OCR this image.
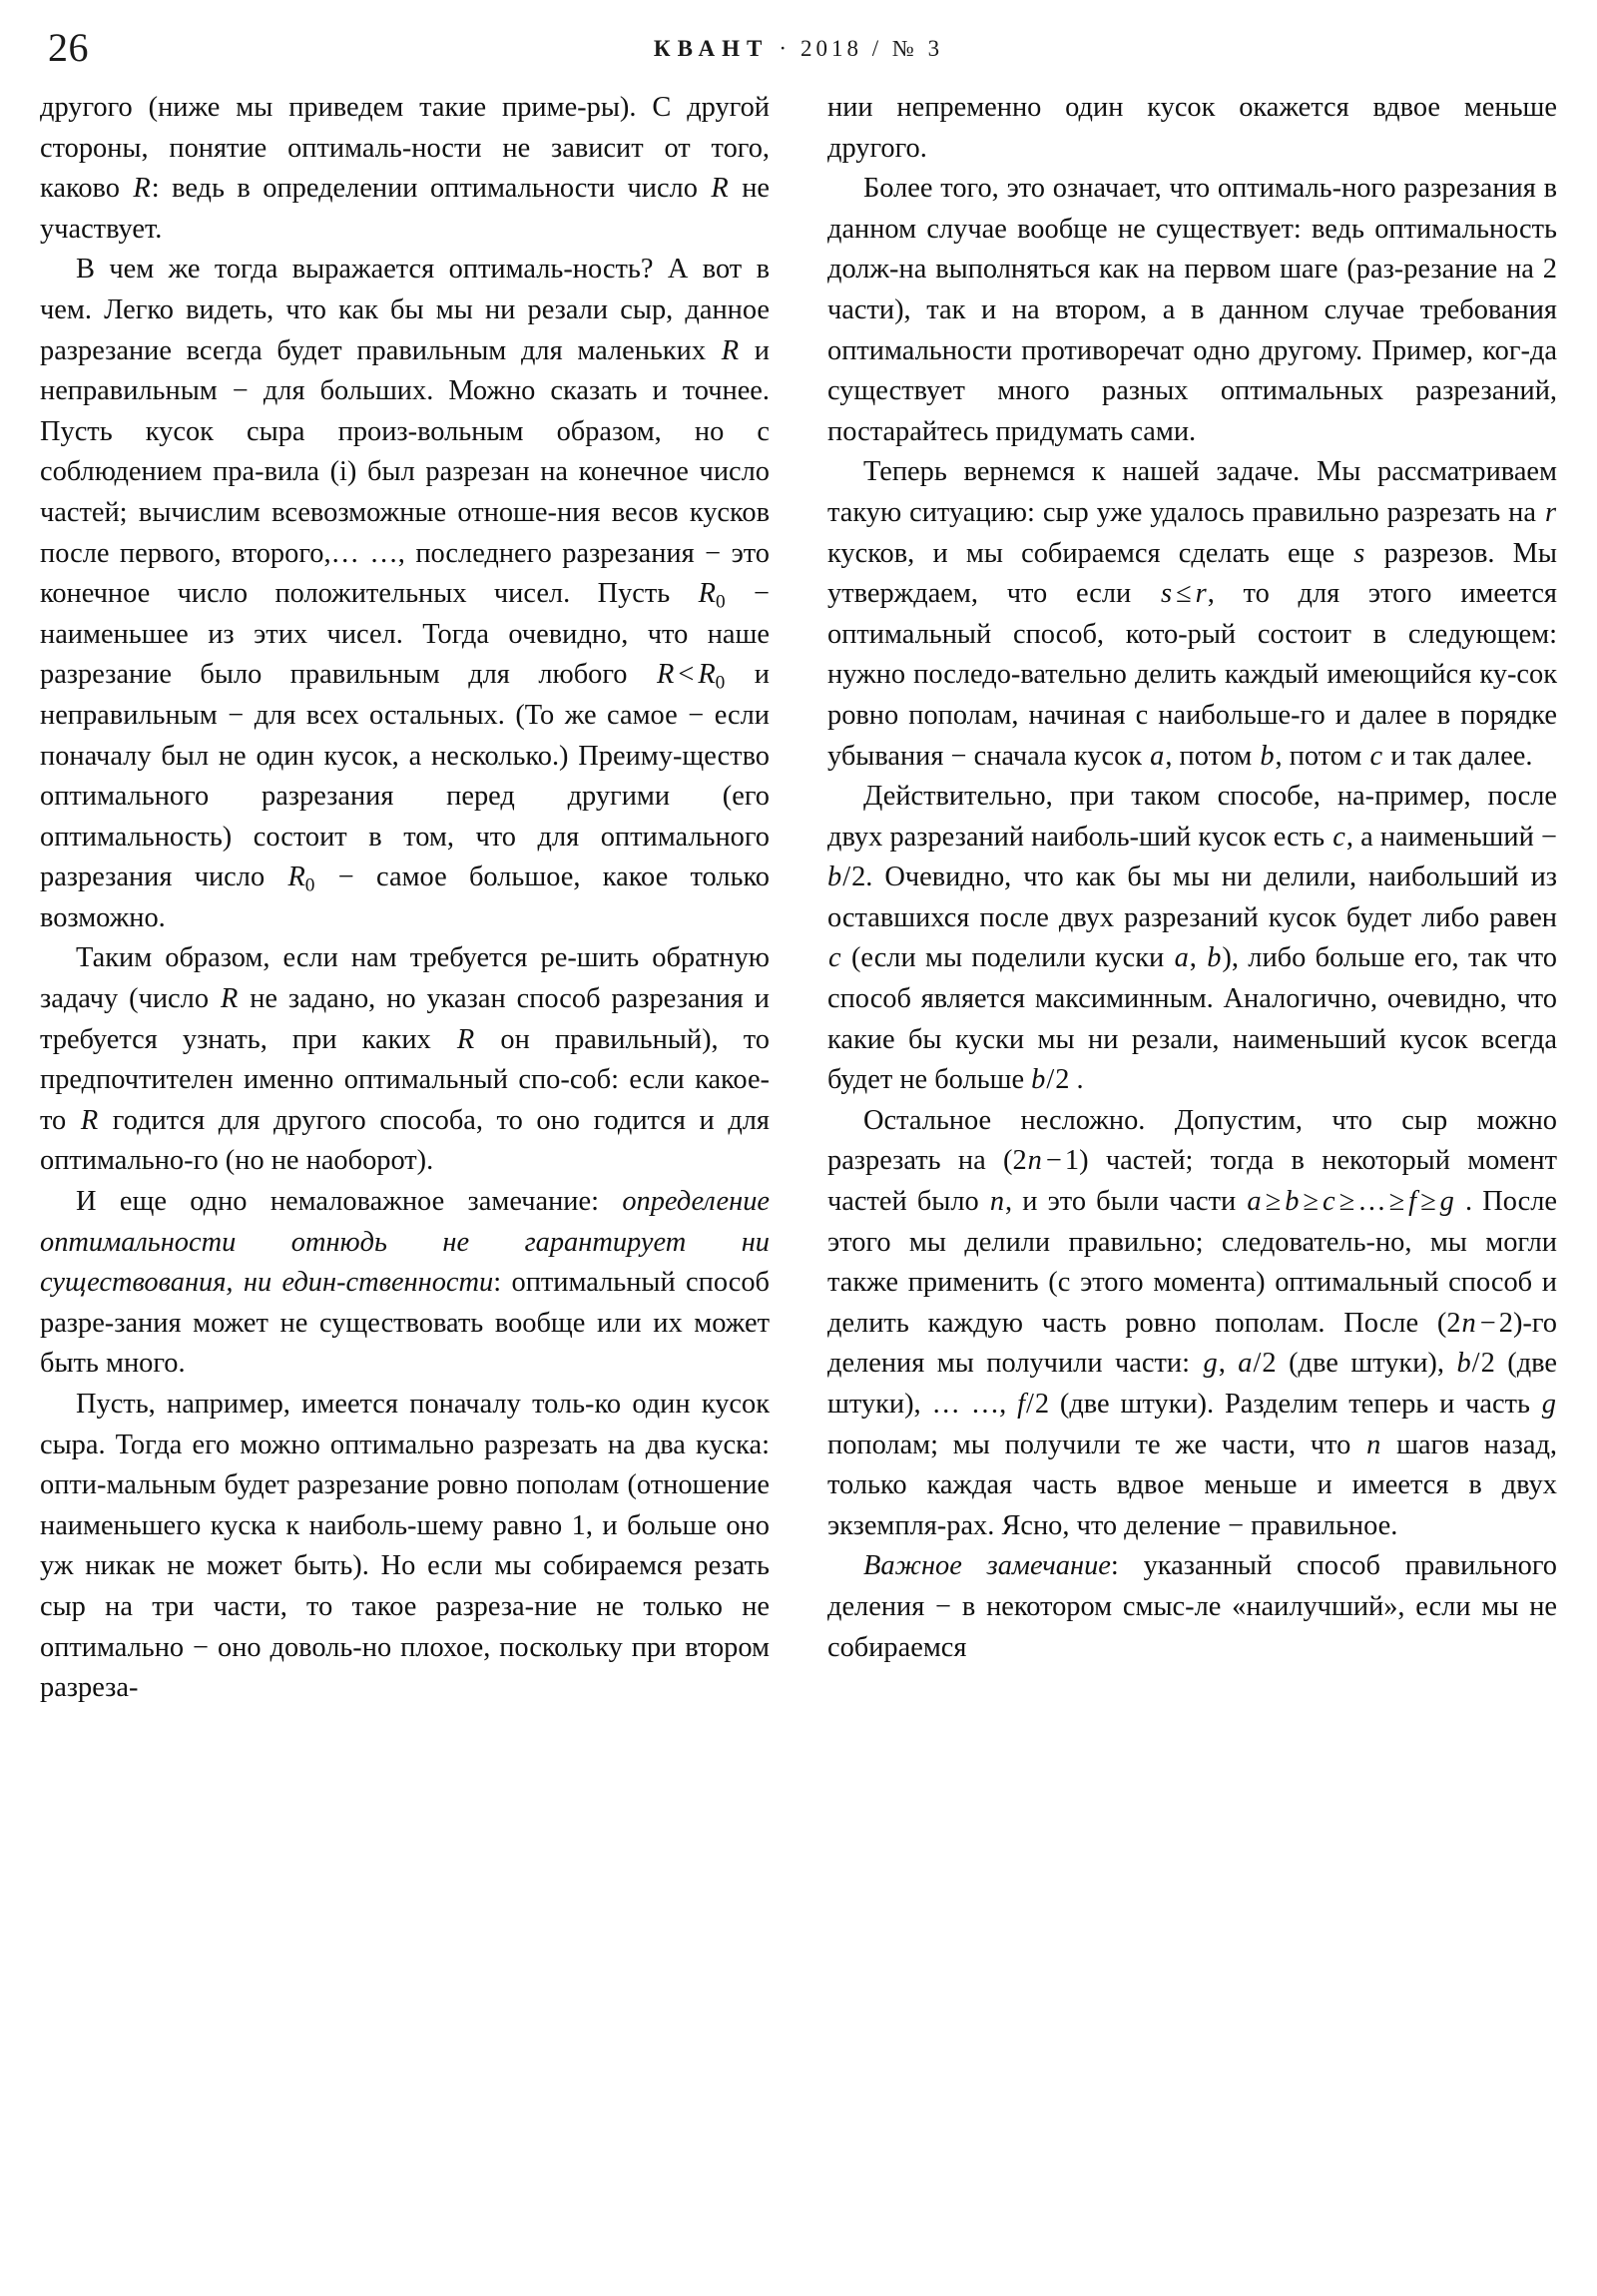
26	КВАНТ · 2018 / № 3

другого (ниже мы приведем такие приме-ры). С другой стороны, понятие оптималь-ности не зависит от того, каково R: ведь в определении оптимальности число R не участвует.

В чем же тогда выражается оптималь-ность? А вот в чем. Легко видеть, что как бы мы ни резали сыр, данное разрезание всегда будет правильным для маленьких R и неправильным − для больших. Можно сказать и точнее. Пусть кусок сыра произ-вольным образом, но с соблюдением пра-вила (i) был разрезан на конечное число частей; вычислим всевозможные отноше-ния весов кусков после первого, второго,… …, последнего разрезания − это конечное число положительных чисел. Пусть $R_0$ − наименьшее из этих чисел. Тогда очевидно, что наше разрезание было правильным для любого $R < R_0$ и неправильным − для всех остальных. (То же самое − если поначалу был не один кусок, а несколько.) Преиму-щество оптимального разрезания перед другими (его оптимальность) состоит в том, что для оптимального разрезания число $R_0$ − самое большое, какое только возможно.

Таким образом, если нам требуется ре-шить обратную задачу (число R не задано, но указан способ разрезания и требуется узнать, при каких R он правильный), то предпочтителен именно оптимальный спо-соб: если какое-то R годится для другого способа, то оно годится и для оптимально-го (но не наоборот).

И еще одно немаловажное замечание: определение оптимальности отнюдь не гарантирует ни существования, ни един-ственности: оптимальный способ разре-зания может не существовать вообще или их может быть много.

Пусть, например, имеется поначалу толь-ко один кусок сыра. Тогда его можно оптимально разрезать на два куска: опти-мальным будет разрезание ровно пополам (отношение наименьшего куска к наиболь-шему равно 1, и больше оно уж никак не может быть). Но если мы собираемся резать сыр на три части, то такое разреза-ние не только не оптимально − оно доволь-но плохое, поскольку при втором разреза-

нии непременно один кусок окажется вдвое меньше другого.

Более того, это означает, что оптималь-ного разрезания в данном случае вообще не существует: ведь оптимальность долж-на выполняться как на первом шаге (раз-резание на 2 части), так и на втором, а в данном случае требования оптимальности противоречат одно другому. Пример, ког-да существует много разных оптимальных разрезаний, постарайтесь придумать сами.

Теперь вернемся к нашей задаче. Мы рассматриваем такую ситуацию: сыр уже удалось правильно разрезать на r кусков, и мы собираемся сделать еще s разрезов. Мы утверждаем, что если s ≤ r, то для этого имеется оптимальный способ, кото-рый состоит в следующем: нужно последо-вательно делить каждый имеющийся ку-сок ровно пополам, начиная с наибольше-го и далее в порядке убывания − сначала кусок a, потом b, потом c и так далее.

Действительно, при таком способе, на-пример, после двух разрезаний наиболь-ший кусок есть c, а наименьший − b/2. Очевидно, что как бы мы ни делили, наибольший из оставшихся после двух разрезаний кусок будет либо равен c (если мы поделили куски a, b), либо больше его, так что способ является максиминным. Аналогично, очевидно, что какие бы куски мы ни резали, наименьший кусок всегда будет не больше b/2 .

Остальное несложно. Допустим, что сыр можно разрезать на (2n − 1) частей; тогда в некоторый момент частей было n, и это были части a ≥ b ≥ c ≥ … ≥ f ≥ g . После этого мы делили правильно; следователь-но, мы могли также применить (с этого момента) оптимальный способ и делить каждую часть ровно пополам. После (2n − 2)-го деления мы получили части: g, a/2 (две штуки), b/2 (две штуки), … …, f/2 (две штуки). Разделим теперь и часть g пополам; мы получили те же части, что n шагов назад, только каждая часть вдвое меньше и имеется в двух экземпля-рах. Ясно, что деление − правильное.

Важное замечание: указанный способ правильного деления − в некотором смыс-ле «наилучший», если мы не собираемся
